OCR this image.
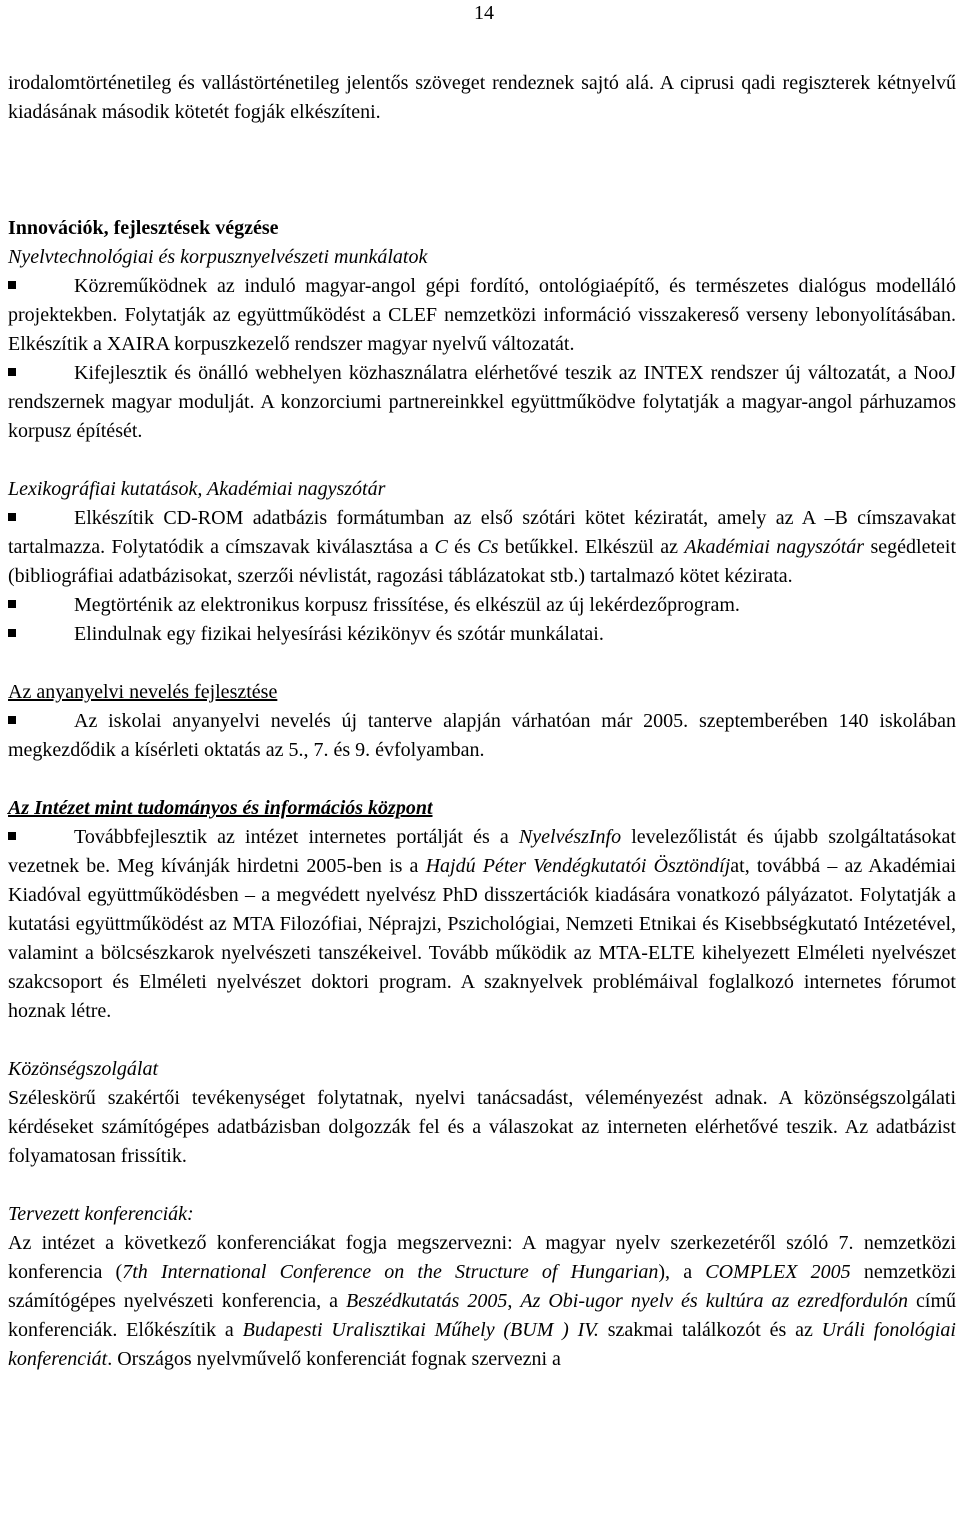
14

irodalomtörténetileg és vallástörténetileg jelentős szöveget rendeznek sajtó alá. A ciprusi qadi regiszterek kétnyelvű kiadásának második kötetét fogják elkészíteni.

Innovációk, fejlesztések végzése

Nyelvtechnológiai és korpusznyelvészeti munkálatok

Közreműködnek az induló magyar-angol gépi fordító, ontológiaépítő, és természetes dialógus modelláló projektekben. Folytatják az együttműködést a CLEF nemzetközi információ visszakereső verseny lebonyolításában. Elkészítik a XAIRA korpuszkezelő rendszer magyar nyelvű változatát.

Kifejlesztik és önálló webhelyen közhasználatra elérhetővé teszik az INTEX rendszer új változatát, a NooJ rendszernek magyar modulját. A konzorciumi partnereinkkel együttműködve folytatják a magyar-angol párhuzamos korpusz építését.

Lexikográfiai kutatások, Akadémiai nagyszótár

Elkészítik CD-ROM adatbázis formátumban az első szótári kötet kéziratát, amely az A –B címszavakat tartalmazza. Folytatódik a címszavak kiválasztása a C és Cs betűkkel. Elkészül az Akadémiai nagyszótár segédleteit (bibliográfiai adatbázisokat, szerzői névlistát, ragozási táblázatokat stb.) tartalmazó kötet kézirata.

Megtörténik az elektronikus korpusz frissítése, és elkészül az új lekérdezőprogram.

Elindulnak egy fizikai helyesírási kézikönyv és szótár munkálatai.

Az anyanyelvi nevelés fejlesztése

Az iskolai anyanyelvi nevelés új tanterve alapján várhatóan már 2005. szeptemberében 140 iskolában megkezdődik a kísérleti oktatás az 5., 7. és 9. évfolyamban.

Az Intézet mint tudományos és információs központ

Továbbfejlesztik az intézet internetes portálját és a NyelvészInfo levelezőlistát és újabb szolgáltatásokat vezetnek be. Meg kívánják hirdetni 2005-ben is a Hajdú Péter Vendégkutatói Ösztöndíjat, továbbá – az Akadémiai Kiadóval együttműködésben – a megvédett nyelvész PhD disszertációk kiadására vonatkozó pályázatot. Folytatják a kutatási együttműködést az MTA Filozófiai, Néprajzi, Pszichológiai, Nemzeti Etnikai és Kisebbségkutató Intézetével, valamint a bölcsészkarok nyelvészeti tanszékeivel. Tovább működik az MTA-ELTE kihelyezett Elméleti nyelvészet szakcsoport és Elméleti nyelvészet doktori program. A szaknyelvek problémáival foglalkozó internetes fórumot hoznak létre.

Közönségszolgálat

Széleskörű szakértői tevékenységet folytatnak, nyelvi tanácsadást, véleményezést adnak. A közönségszolgálati kérdéseket számítógépes adatbázisban dolgozzák fel és a válaszokat az interneten elérhetővé teszik. Az adatbázist folyamatosan frissítik.

Tervezett konferenciák:

Az intézet a következő konferenciákat fogja megszervezni: A magyar nyelv szerkezetéről szóló 7. nemzetközi konferencia (7th International Conference on the Structure of Hungarian), a COMPLEX 2005 nemzetközi számítógépes nyelvészeti konferencia, a Beszédkutatás 2005, Az Obi-ugor nyelv és kultúra az ezredfordulón című konferenciák. Előkészítik a Budapesti Uralisztikai Műhely (BUM ) IV. szakmai találkozót és az Uráli fonológiai konferenciát. Országos nyelvművelő konferenciát fognak szervezni a
